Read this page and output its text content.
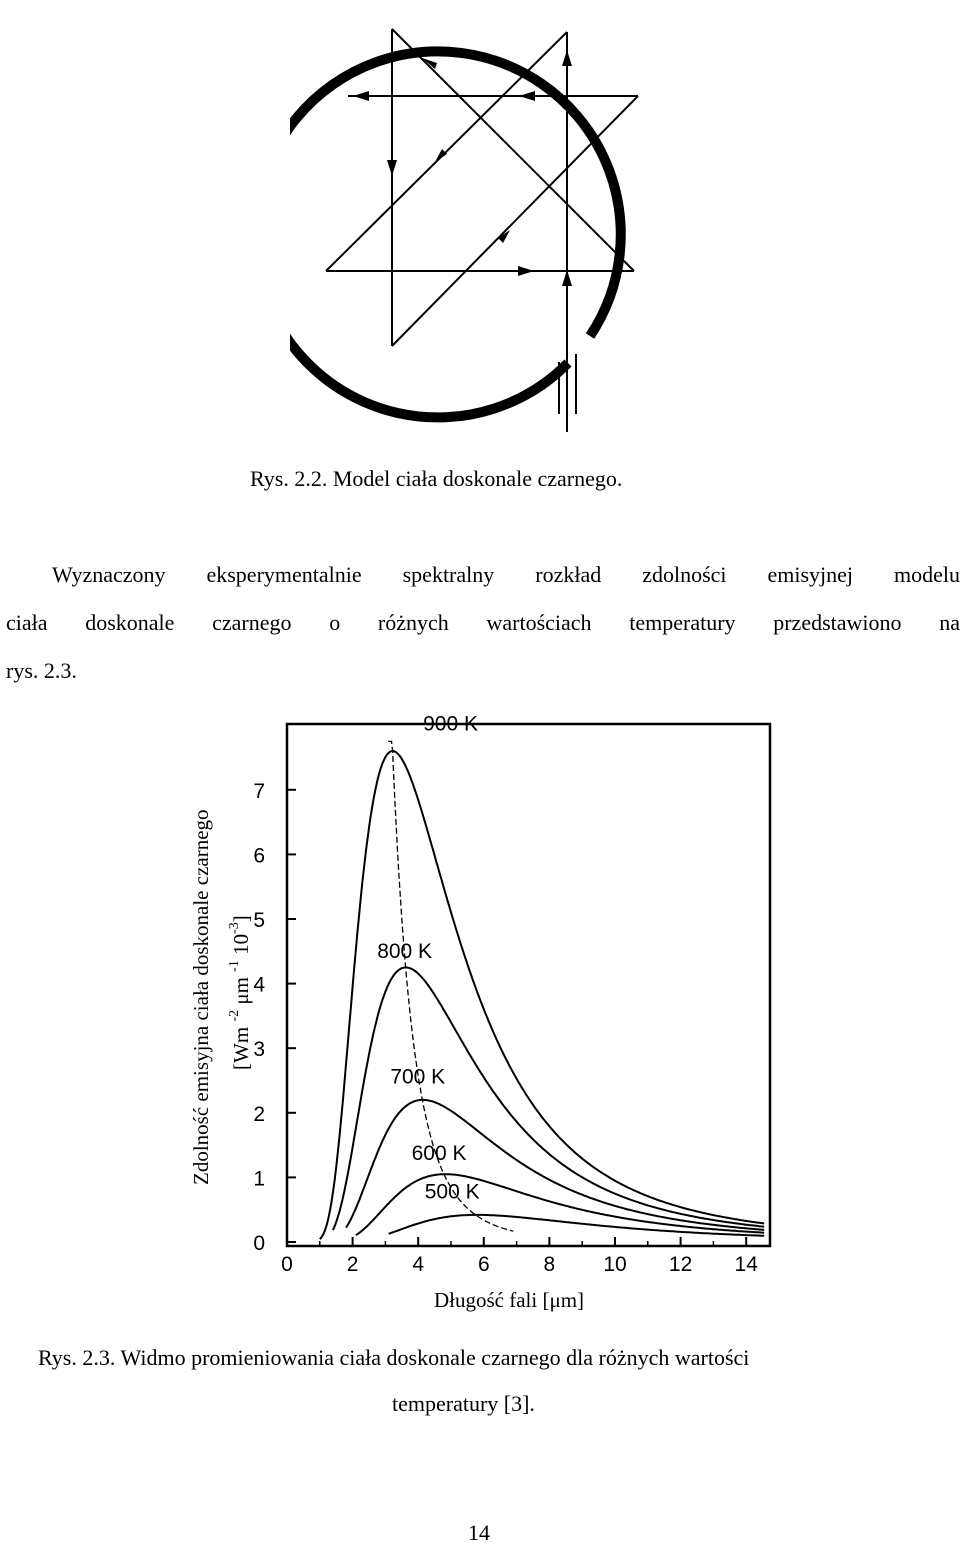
Rys. 2.2. Model ciała doskonale czarnego.
Wyznaczony eksperymentalnie spektralny rozkład zdolności emisyjnej modelu
ciała doskonale czarnego o różnych wartościach temperatury przedstawiono na
rys. 2.3.
0
1
2
3
4
5
6
7
0	2	4	6	8 10 12 14
900 K
800 K
700 K
600 K
500 K
Zdolność emisyjna ciała doskonale czarnego [Wm $^{-2}$ μm $^{-1}$ $10^{-3}$]
Długość fali [μm]
Rys. 2.3. Widmo promieniowania ciała doskonale czarnego dla różnych wartości
temperatury [3].
14
